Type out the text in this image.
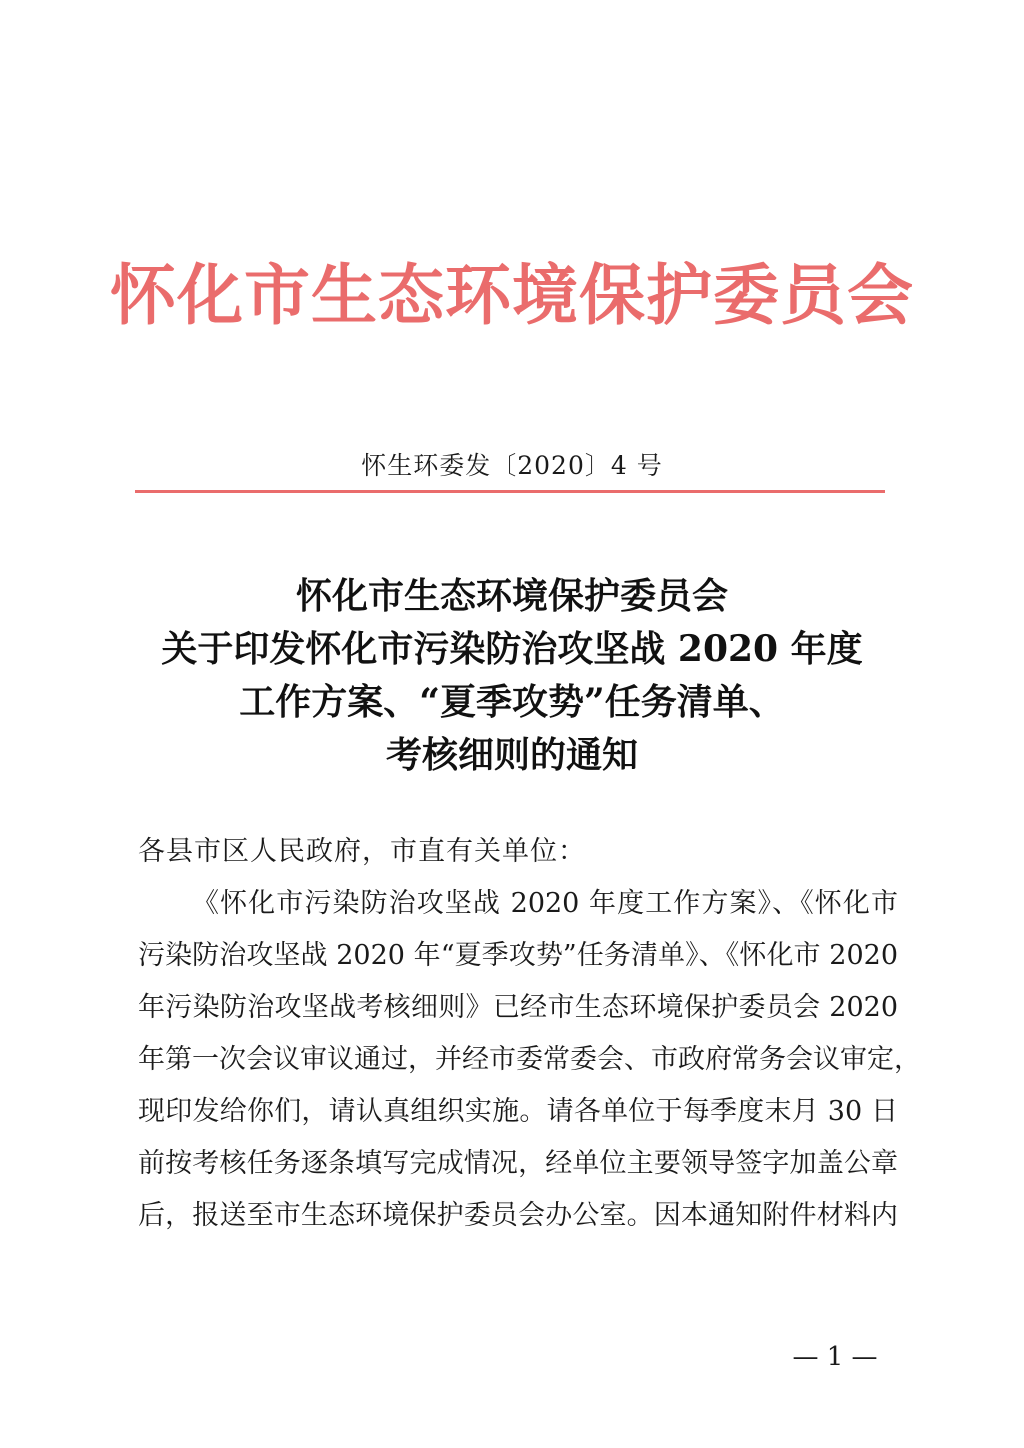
怀化市生态环境保护委员会
怀生环委发〔2020〕4 号
怀化市生态环境保护委员会
关于印发怀化市污染防治攻坚战 2020 年度
工作方案、“夏季攻势”任务清单、
考核细则的通知
各县市区人民政府，市直有关单位：
《怀化市污染防治攻坚战 2020 年度工作方案》、《怀化市
污染防治攻坚战 2020 年“夏季攻势”任务清单》、《怀化市 2020
年污染防治攻坚战考核细则》已经市生态环境保护委员会 2020
年第一次会议审议通过，并经市委常委会、市政府常务会议审定，
现印发给你们，请认真组织实施。请各单位于每季度末月 30 日
前按考核任务逐条填写完成情况，经单位主要领导签字加盖公章
后，报送至市生态环境保护委员会办公室。因本通知附件材料内
— 1 —
